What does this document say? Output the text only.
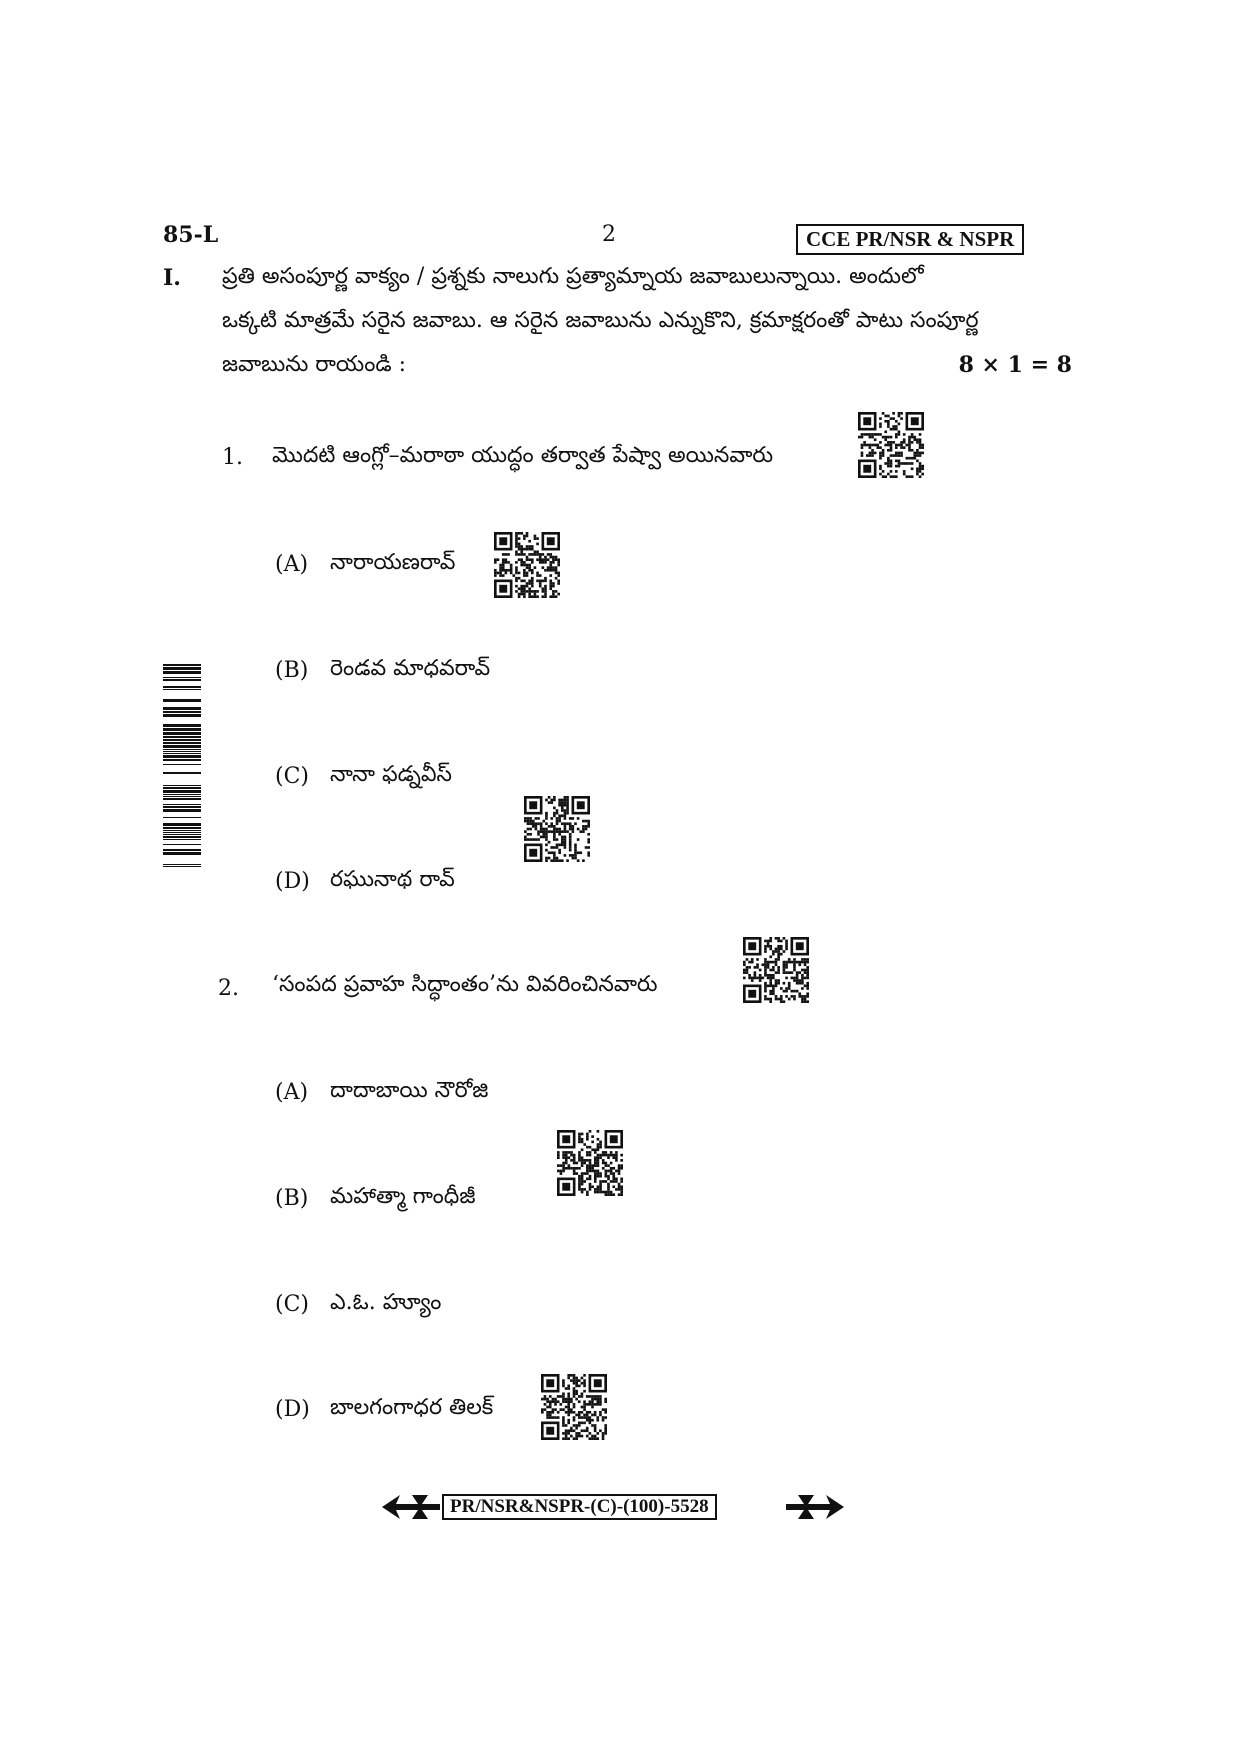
85-L	2	CCE PR/NSR & NSPR
I. ప్రతి అసంపూర్ణ వాక్యం / ప్రశ్నకు నాలుగు ప్రత్యామ్నాయ జవాబులున్నాయి. అందులో
ఒక్కటి మాత్రమే సరైన జవాబు. ఆ సరైన జవాబును ఎన్నుకొని, క్రమాక్షరంతో పాటు సంపూర్ణ
జవాబును రాయండి :	8 × 1 = 8
1. మొదటి ఆంగ్లో–మరాఠా యుద్ధం తర్వాత పేష్వా అయినవారు
(A) నారాయణరావ్
(B) రెండవ మాధవరావ్
(C) నానా ఫడ్నవీస్
(D) రఘునాథ రావ్
2. ‘సంపద ప్రవాహ సిద్ధాంతం’ను వివరించినవారు
(A) దాదాబాయి నౌరోజి
(B) మహాత్మా గాంధీజీ
(C) ఎ.ఓ. హ్యూం
(D) బాలగంగాధర తిలక్
PR/NSR&NSPR-(C)-(100)-5528
